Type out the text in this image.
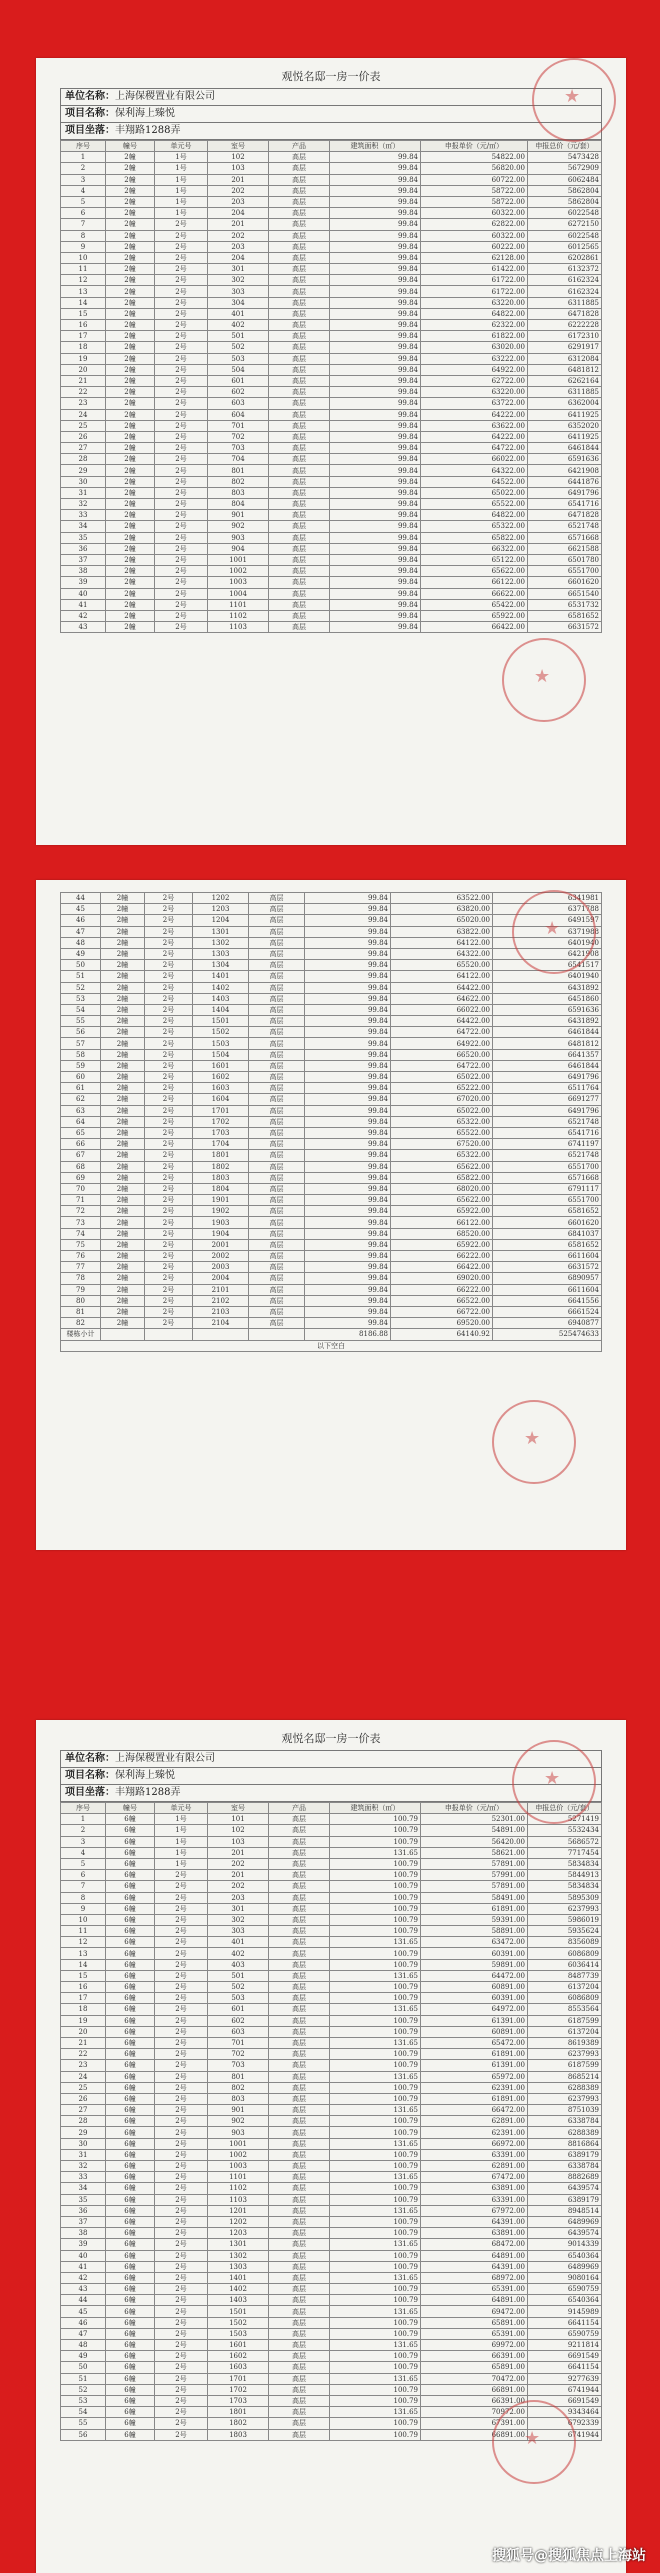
观悦名邸一房一价表
单位名称：上海保稷置业有限公司
项目名称：保利海上臻悦
项目坐落：丰翔路1288弄
序号	幢号	单元号	室号	产品	建筑面积（㎡）	申报单价（元/㎡）	申报总价（元/套）
1	2幢	1号	102	高层	99.84	54822.00	5473428
2	2幢	1号	103	高层	99.84	56820.00	5672909
3	2幢	1号	201	高层	99.84	60722.00	6062484
4	2幢	1号	202	高层	99.84	58722.00	5862804
5	2幢	1号	203	高层	99.84	58722.00	5862804
6	2幢	1号	204	高层	99.84	60322.00	6022548
7	2幢	2号	201	高层	99.84	62822.00	6272150
8	2幢	2号	202	高层	99.84	60322.00	6022548
9	2幢	2号	203	高层	99.84	60222.00	6012565
10	2幢	2号	204	高层	99.84	62128.00	6202861
11	2幢	2号	301	高层	99.84	61422.00	6132372
12	2幢	2号	302	高层	99.84	61722.00	6162324
13	2幢	2号	303	高层	99.84	61722.00	6162324
14	2幢	2号	304	高层	99.84	63220.00	6311885
15	2幢	2号	401	高层	99.84	64822.00	6471828
16	2幢	2号	402	高层	99.84	62322.00	6222228
17	2幢	2号	501	高层	99.84	61822.00	6172310
18	2幢	2号	502	高层	99.84	63020.00	6291917
19	2幢	2号	503	高层	99.84	63222.00	6312084
20	2幢	2号	504	高层	99.84	64922.00	6481812
21	2幢	2号	601	高层	99.84	62722.00	6262164
22	2幢	2号	602	高层	99.84	63220.00	6311885
23	2幢	2号	603	高层	99.84	63722.00	6362004
24	2幢	2号	604	高层	99.84	64222.00	6411925
25	2幢	2号	701	高层	99.84	63622.00	6352020
26	2幢	2号	702	高层	99.84	64222.00	6411925
27	2幢	2号	703	高层	99.84	64722.00	6461844
28	2幢	2号	704	高层	99.84	66022.00	6591636
29	2幢	2号	801	高层	99.84	64322.00	6421908
30	2幢	2号	802	高层	99.84	64522.00	6441876
31	2幢	2号	803	高层	99.84	65022.00	6491796
32	2幢	2号	804	高层	99.84	65522.00	6541716
33	2幢	2号	901	高层	99.84	64822.00	6471828
34	2幢	2号	902	高层	99.84	65322.00	6521748
35	2幢	2号	903	高层	99.84	65822.00	6571668
36	2幢	2号	904	高层	99.84	66322.00	6621588
37	2幢	2号	1001	高层	99.84	65122.00	6501780
38	2幢	2号	1002	高层	99.84	65622.00	6551700
39	2幢	2号	1003	高层	99.84	66122.00	6601620
40	2幢	2号	1004	高层	99.84	66622.00	6651540
41	2幢	2号	1101	高层	99.84	65422.00	6531732
42	2幢	2号	1102	高层	99.84	65922.00	6581652
43	2幢	2号	1103	高层	99.84	66422.00	6631572
★
★
44	2幢	2号	1202	高层	99.84	63522.00	6341981
45	2幢	2号	1203	高层	99.84	63820.00	6371788
46	2幢	2号	1204	高层	99.84	65020.00	6491597
47	2幢	2号	1301	高层	99.84	63822.00	6371988
48	2幢	2号	1302	高层	99.84	64122.00	6401940
49	2幢	2号	1303	高层	99.84	64322.00	6421908
50	2幢	2号	1304	高层	99.84	65520.00	6541517
51	2幢	2号	1401	高层	99.84	64122.00	6401940
52	2幢	2号	1402	高层	99.84	64422.00	6431892
53	2幢	2号	1403	高层	99.84	64622.00	6451860
54	2幢	2号	1404	高层	99.84	66022.00	6591636
55	2幢	2号	1501	高层	99.84	64422.00	6431892
56	2幢	2号	1502	高层	99.84	64722.00	6461844
57	2幢	2号	1503	高层	99.84	64922.00	6481812
58	2幢	2号	1504	高层	99.84	66520.00	6641357
59	2幢	2号	1601	高层	99.84	64722.00	6461844
60	2幢	2号	1602	高层	99.84	65022.00	6491796
61	2幢	2号	1603	高层	99.84	65222.00	6511764
62	2幢	2号	1604	高层	99.84	67020.00	6691277
63	2幢	2号	1701	高层	99.84	65022.00	6491796
64	2幢	2号	1702	高层	99.84	65322.00	6521748
65	2幢	2号	1703	高层	99.84	65522.00	6541716
66	2幢	2号	1704	高层	99.84	67520.00	6741197
67	2幢	2号	1801	高层	99.84	65322.00	6521748
68	2幢	2号	1802	高层	99.84	65622.00	6551700
69	2幢	2号	1803	高层	99.84	65822.00	6571668
70	2幢	2号	1804	高层	99.84	68020.00	6791117
71	2幢	2号	1901	高层	99.84	65622.00	6551700
72	2幢	2号	1902	高层	99.84	65922.00	6581652
73	2幢	2号	1903	高层	99.84	66122.00	6601620
74	2幢	2号	1904	高层	99.84	68520.00	6841037
75	2幢	2号	2001	高层	99.84	65922.00	6581652
76	2幢	2号	2002	高层	99.84	66222.00	6611604
77	2幢	2号	2003	高层	99.84	66422.00	6631572
78	2幢	2号	2004	高层	99.84	69020.00	6890957
79	2幢	2号	2101	高层	99.84	66222.00	6611604
80	2幢	2号	2102	高层	99.84	66522.00	6641556
81	2幢	2号	2103	高层	99.84	66722.00	6661524
82	2幢	2号	2104	高层	99.84	69520.00	6940877
楼栋小计					8186.88	64140.92	525474633
以下空白
★
★
观悦名邸一房一价表
单位名称：上海保稷置业有限公司
项目名称：保利海上臻悦
项目坐落：丰翔路1288弄
序号	幢号	单元号	室号	产品	建筑面积（㎡）	申报单价（元/㎡）	申报总价（元/套）
1	6幢	1号	101	高层	100.79	52301.00	5271419
2	6幢	1号	102	高层	100.79	54891.00	5532434
3	6幢	1号	103	高层	100.79	56420.00	5686572
4	6幢	1号	201	高层	131.65	58621.00	7717454
5	6幢	1号	202	高层	100.79	57891.00	5834834
6	6幢	2号	201	高层	100.79	57991.00	5844913
7	6幢	2号	202	高层	100.79	57891.00	5834834
8	6幢	2号	203	高层	100.79	58491.00	5895309
9	6幢	2号	301	高层	100.79	61891.00	6237993
10	6幢	2号	302	高层	100.79	59391.00	5986019
11	6幢	2号	303	高层	100.79	58891.00	5935624
12	6幢	2号	401	高层	131.65	63472.00	8356089
13	6幢	2号	402	高层	100.79	60391.00	6086809
14	6幢	2号	403	高层	100.79	59891.00	6036414
15	6幢	2号	501	高层	131.65	64472.00	8487739
16	6幢	2号	502	高层	100.79	60891.00	6137204
17	6幢	2号	503	高层	100.79	60391.00	6086809
18	6幢	2号	601	高层	131.65	64972.00	8553564
19	6幢	2号	602	高层	100.79	61391.00	6187599
20	6幢	2号	603	高层	100.79	60891.00	6137204
21	6幢	2号	701	高层	131.65	65472.00	8619389
22	6幢	2号	702	高层	100.79	61891.00	6237993
23	6幢	2号	703	高层	100.79	61391.00	6187599
24	6幢	2号	801	高层	131.65	65972.00	8685214
25	6幢	2号	802	高层	100.79	62391.00	6288389
26	6幢	2号	803	高层	100.79	61891.00	6237993
27	6幢	2号	901	高层	131.65	66472.00	8751039
28	6幢	2号	902	高层	100.79	62891.00	6338784
29	6幢	2号	903	高层	100.79	62391.00	6288389
30	6幢	2号	1001	高层	131.65	66972.00	8816864
31	6幢	2号	1002	高层	100.79	63391.00	6389179
32	6幢	2号	1003	高层	100.79	62891.00	6338784
33	6幢	2号	1101	高层	131.65	67472.00	8882689
34	6幢	2号	1102	高层	100.79	63891.00	6439574
35	6幢	2号	1103	高层	100.79	63391.00	6389179
36	6幢	2号	1201	高层	131.65	67972.00	8948514
37	6幢	2号	1202	高层	100.79	64391.00	6489969
38	6幢	2号	1203	高层	100.79	63891.00	6439574
39	6幢	2号	1301	高层	131.65	68472.00	9014339
40	6幢	2号	1302	高层	100.79	64891.00	6540364
41	6幢	2号	1303	高层	100.79	64391.00	6489969
42	6幢	2号	1401	高层	131.65	68972.00	9080164
43	6幢	2号	1402	高层	100.79	65391.00	6590759
44	6幢	2号	1403	高层	100.79	64891.00	6540364
45	6幢	2号	1501	高层	131.65	69472.00	9145989
46	6幢	2号	1502	高层	100.79	65891.00	6641154
47	6幢	2号	1503	高层	100.79	65391.00	6590759
48	6幢	2号	1601	高层	131.65	69972.00	9211814
49	6幢	2号	1602	高层	100.79	66391.00	6691549
50	6幢	2号	1603	高层	100.79	65891.00	6641154
51	6幢	2号	1701	高层	131.65	70472.00	9277639
52	6幢	2号	1702	高层	100.79	66891.00	6741944
53	6幢	2号	1703	高层	100.79	66391.00	6691549
54	6幢	2号	1801	高层	131.65	70972.00	9343464
55	6幢	2号	1802	高层	100.79	67391.00	6792339
56	6幢	2号	1803	高层	100.79	66891.00	6741944
★
★
搜狐号@搜狐焦点上海站
